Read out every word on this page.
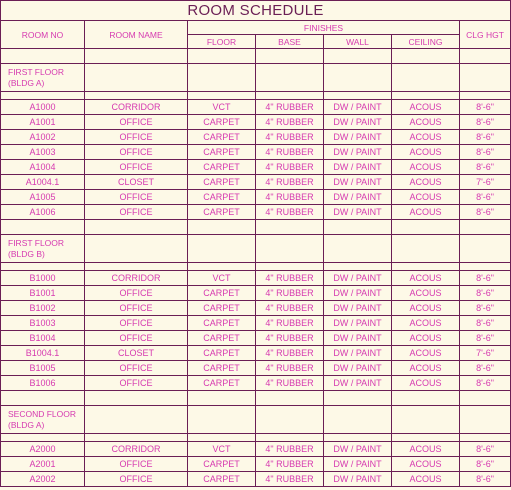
ROOM SCHEDULE						
ROOM NO	ROOM NAME	FINISHES				CLG HGT
		FLOOR	BASE	WALL	CEILING	

FIRST FLOOR
(BLDG A)						

A1000	CORRIDOR	VCT	4" RUBBER	DW / PAINT	ACOUS	8'-6"
A1001	OFFICE	CARPET	4" RUBBER	DW / PAINT	ACOUS	8'-6"
A1002	OFFICE	CARPET	4" RUBBER	DW / PAINT	ACOUS	8'-6"
A1003	OFFICE	CARPET	4" RUBBER	DW / PAINT	ACOUS	8'-6"
A1004	OFFICE	CARPET	4" RUBBER	DW / PAINT	ACOUS	8'-6"
A1004.1	CLOSET	CARPET	4" RUBBER	DW / PAINT	ACOUS	7'-6"
A1005	OFFICE	CARPET	4" RUBBER	DW / PAINT	ACOUS	8'-6"
A1006	OFFICE	CARPET	4" RUBBER	DW / PAINT	ACOUS	8'-6"

FIRST FLOOR
(BLDG B)						

B1000	CORRIDOR	VCT	4" RUBBER	DW / PAINT	ACOUS	8'-6"
B1001	OFFICE	CARPET	4" RUBBER	DW / PAINT	ACOUS	8'-6"
B1002	OFFICE	CARPET	4" RUBBER	DW / PAINT	ACOUS	8'-6"
B1003	OFFICE	CARPET	4" RUBBER	DW / PAINT	ACOUS	8'-6"
B1004	OFFICE	CARPET	4" RUBBER	DW / PAINT	ACOUS	8'-6"
B1004.1	CLOSET	CARPET	4" RUBBER	DW / PAINT	ACOUS	7'-6"
B1005	OFFICE	CARPET	4" RUBBER	DW / PAINT	ACOUS	8'-6"
B1006	OFFICE	CARPET	4" RUBBER	DW / PAINT	ACOUS	8'-6"

SECOND FLOOR
(BLDG A)						

A2000	CORRIDOR	VCT	4" RUBBER	DW / PAINT	ACOUS	8'-6"
A2001	OFFICE	CARPET	4" RUBBER	DW / PAINT	ACOUS	8'-6"
A2002	OFFICE	CARPET	4" RUBBER	DW / PAINT	ACOUS	8'-6"
